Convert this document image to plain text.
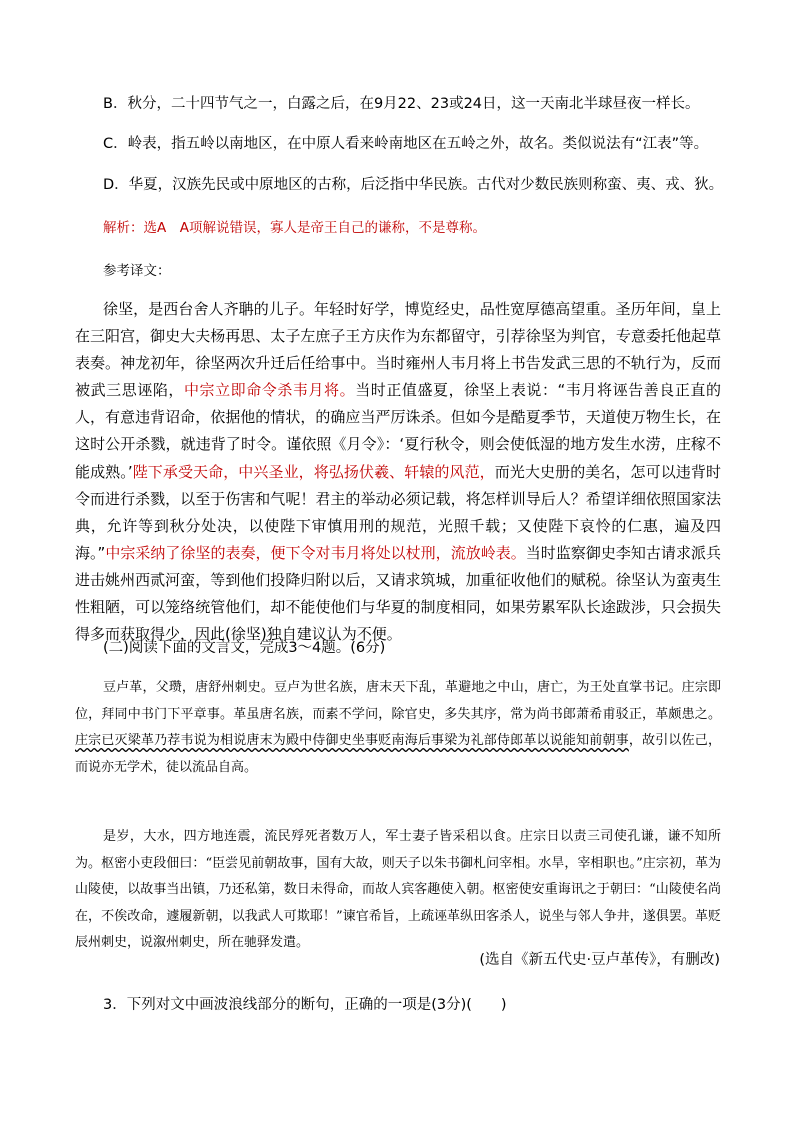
B．秋分，二十四节气之一，白露之后，在9月22、23或24日，这一天南北半球昼夜一样长。
C．岭表，指五岭以南地区，在中原人看来岭南地区在五岭之外，故名。类似说法有“江表”等。
D．华夏，汉族先民或中原地区的古称，后泛指中华民族。古代对少数民族则称蛮、夷、戎、狄。
解析：选A　A项解说错误，寡人是帝王自己的谦称，不是尊称。
参考译文：
徐坚，是西台舍人齐聃的儿子。年轻时好学，博览经史，品性宽厚德高望重。圣历年间，皇上在三阳宫，御史大夫杨再思、太子左庶子王方庆作为东都留守，引荐徐坚为判官，专意委托他起草表奏。神龙初年，徐坚两次升迁后任给事中。当时雍州人韦月将上书告发武三思的不轨行为，反而被武三思诬陷，中宗立即命令杀韦月将。当时正值盛夏，徐坚上表说：“韦月将诬告善良正直的人，有意违背诏命，依据他的情状，的确应当严厉诛杀。但如今是酷夏季节，天道使万物生长，在这时公开杀戮，就违背了时令。谨依照《月令》：‘夏行秋令，则会使低湿的地方发生水涝，庄稼不能成熟。’陛下承受天命，中兴圣业，将弘扬伏羲、轩辕的风范，而光大史册的美名，怎可以违背时令而进行杀戮，以至于伤害和气呢！君主的举动必须记载，将怎样训导后人？希望详细依照国家法典，允许等到秋分处决，以使陛下审慎用刑的规范，光照千载；又使陛下哀怜的仁惠，遍及四海。”中宗采纳了徐坚的表奏，便下令对韦月将处以杖刑，流放岭表。当时监察御史李知古请求派兵进击姚州西贰河蛮，等到他们投降归附以后，又请求筑城，加重征收他们的赋税。徐坚认为蛮夷生性粗陋，可以笼络统管他们，却不能使他们与华夏的制度相同，如果劳累军队长途跋涉，只会损失得多而获取得少，因此(徐坚)独自建议认为不便。
(二)阅读下面的文言文，完成3～4题。(6分)
豆卢革，父瓒，唐舒州刺史。豆卢为世名族，唐末天下乱，革避地之中山，唐亡，为王处直掌书记。庄宗即位，拜同中书门下平章事。革虽唐名族，而素不学问，除官史，多失其序，常为尚书郎萧希甫驳正，革颇患之。庄宗已灭梁革乃荐韦说为相说唐末为殿中侍御史坐事贬南海后事梁为礼部侍郎革以说能知前朝事，故引以佐己，而说亦无学术，徒以流品自高。
是岁，大水，四方地连震，流民殍死者数万人，军士妻子皆采稆以食。庄宗日以责三司使孔谦，谦不知所为。枢密小吏段佃曰：“臣尝见前朝故事，国有大故，则天子以朱书御札问宰相。水旱，宰相职也。”庄宗初，革为山陵使，以故事当出镇，乃还私第，数日未得命，而故人宾客趣使入朝。枢密使安重诲讯之于朝曰：“山陵使名尚在，不俟改命，遽履新朝，以我武人可欺耶！”谏官希旨，上疏诬革纵田客杀人，说坐与邻人争井，遂俱罢。革贬辰州刺史，说溆州刺史，所在驰驿发遣。
(选自《新五代史·豆卢革传》，有删改)
3．下列对文中画波浪线部分的断句，正确的一项是(3分)(　　)
